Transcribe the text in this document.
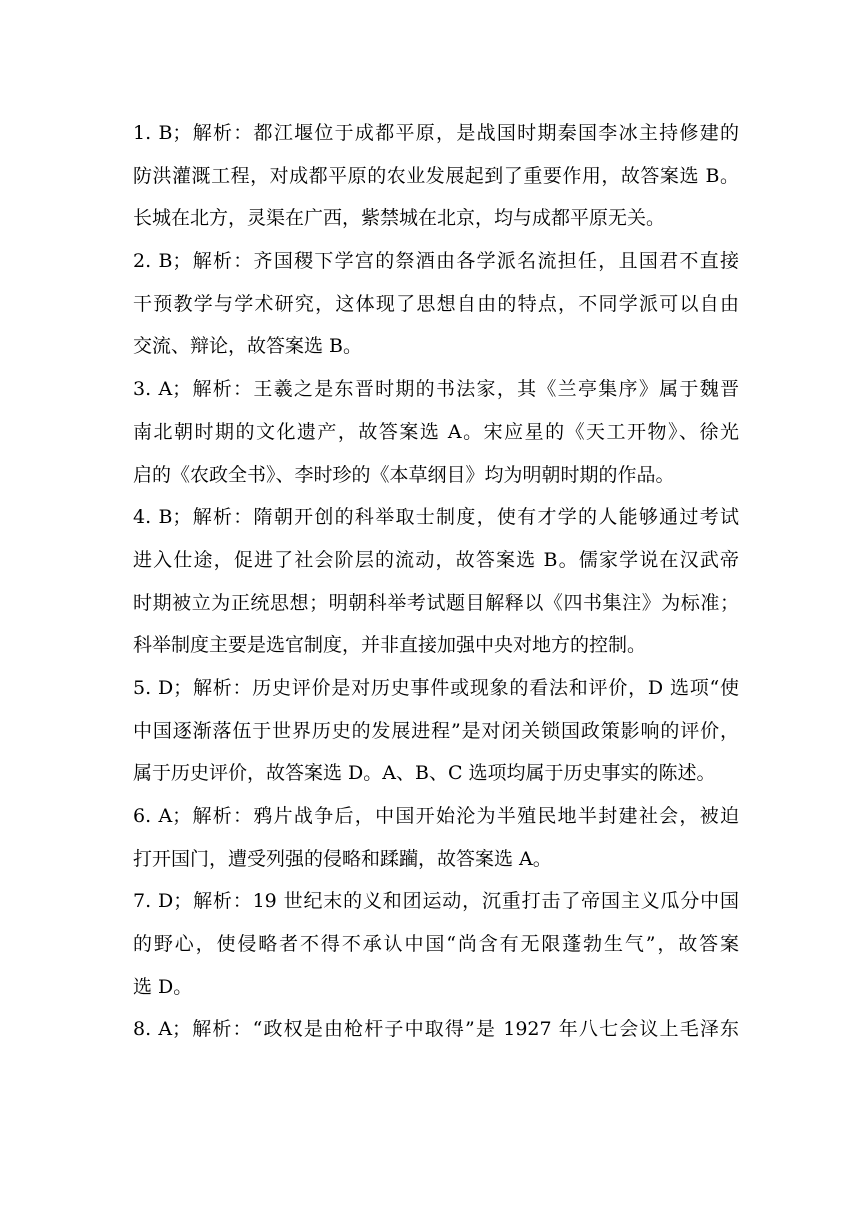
1. B；解析：都江堰位于成都平原，是战国时期秦国李冰主持修建的
防洪灌溉工程，对成都平原的农业发展起到了重要作用，故答案选 B。
长城在北方，灵渠在广西，紫禁城在北京，均与成都平原无关。
2. B；解析：齐国稷下学宫的祭酒由各学派名流担任，且国君不直接
干预教学与学术研究，这体现了思想自由的特点，不同学派可以自由
交流、辩论，故答案选 B。
3. A；解析：王羲之是东晋时期的书法家，其《兰亭集序》属于魏晋
南北朝时期的文化遗产，故答案选 A。宋应星的《天工开物》、徐光
启的《农政全书》、李时珍的《本草纲目》均为明朝时期的作品。
4. B；解析：隋朝开创的科举取士制度，使有才学的人能够通过考试
进入仕途，促进了社会阶层的流动，故答案选 B。儒家学说在汉武帝
时期被立为正统思想；明朝科举考试题目解释以《四书集注》为标准；
科举制度主要是选官制度，并非直接加强中央对地方的控制。
5. D；解析：历史评价是对历史事件或现象的看法和评价，D 选项“使
中国逐渐落伍于世界历史的发展进程”是对闭关锁国政策影响的评价，
属于历史评价，故答案选 D。A、B、C 选项均属于历史事实的陈述。
6. A；解析：鸦片战争后，中国开始沦为半殖民地半封建社会，被迫
打开国门，遭受列强的侵略和蹂躏，故答案选 A。
7. D；解析：19 世纪末的义和团运动，沉重打击了帝国主义瓜分中国
的野心，使侵略者不得不承认中国“尚含有无限蓬勃生气”，故答案
选 D。
8. A；解析：“政权是由枪杆子中取得”是 1927 年八七会议上毛泽东
